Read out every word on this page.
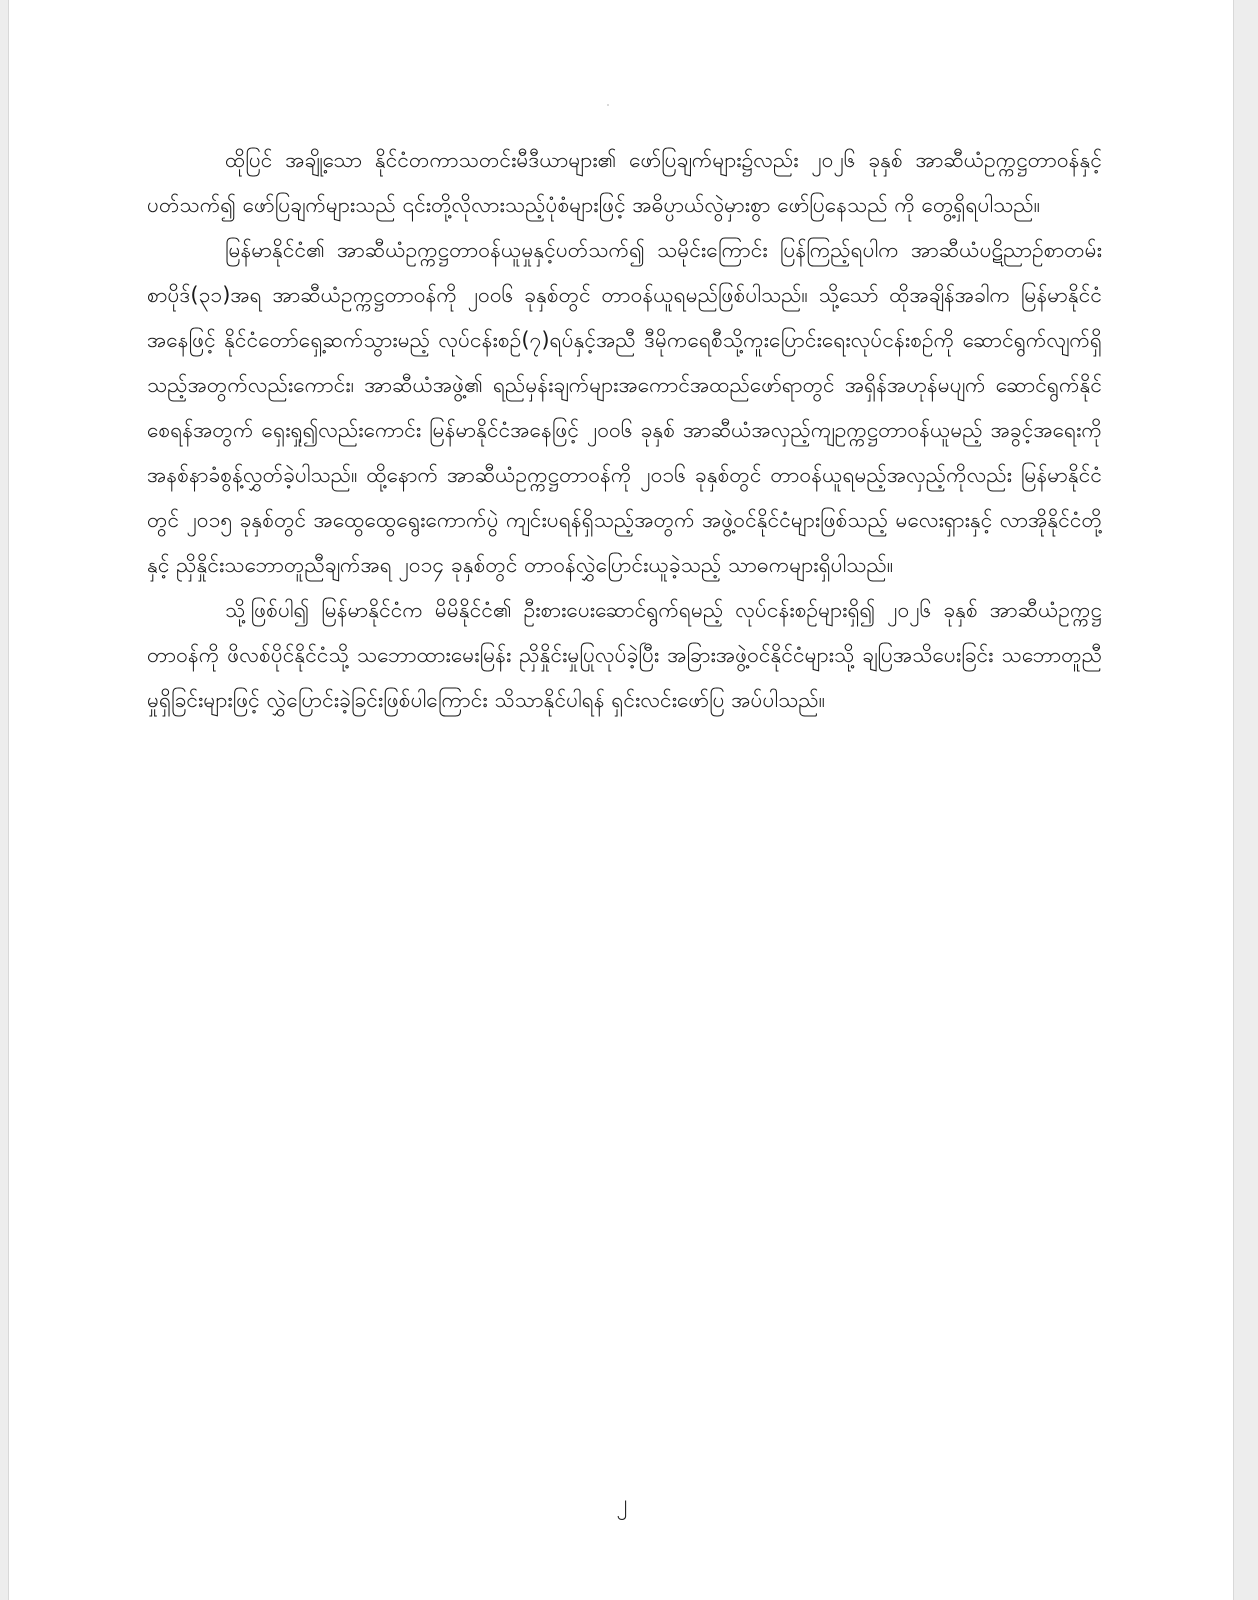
ထိုပြင် အချို့သော နိုင်ငံတကာသတင်းမီဒီယာများ၏ ဖော်ပြချက်များ၌လည်း ၂၀၂၆ ခုနှစ် အာဆီယံဥက္ကဋ္ဌတာဝန်နှင့်ပတ်သက်၍ ဖော်ပြချက်များသည် ၎င်းတို့လိုလားသည့်ပုံစံများဖြင့် အဓိပ္ပာယ်လွဲမှားစွာ ဖော်ပြနေသည် ကို တွေ့ရှိရပါသည်။

မြန်မာနိုင်ငံ၏ အာဆီယံဥက္ကဋ္ဌတာဝန်ယူမှုနှင့်ပတ်သက်၍ သမိုင်းကြောင်း ပြန်ကြည့်ရပါက အာဆီယံပဋိညာဉ်စာတမ်း စာပိုဒ်(၃၁)အရ အာဆီယံဥက္ကဋ္ဌတာဝန်ကို ၂၀၀၆ ခုနှစ်တွင် တာဝန်ယူရမည်ဖြစ်ပါသည်။ သို့သော် ထိုအချိန်အခါက မြန်မာနိုင်ငံအနေဖြင့် နိုင်ငံတော်ရှေ့ဆက်သွားမည့် လုပ်ငန်းစဉ်(၇)ရပ်နှင့်အညီ ဒီမိုကရေစီသို့ကူးပြောင်းရေးလုပ်ငန်းစဉ်ကို ဆောင်ရွက်လျက်ရှိသည့်အတွက်လည်းကောင်း၊ အာဆီယံအဖွဲ့၏ ရည်မှန်းချက်များအကောင်အထည်ဖော်ရာတွင် အရှိန်အဟုန်မပျက် ဆောင်ရွက်နိုင်စေရန်အတွက် ရှေးရှု၍လည်းကောင်း မြန်မာနိုင်ငံအနေဖြင့် ၂၀၀၆ ခုနှစ် အာဆီယံအလှည့်ကျဥက္ကဋ္ဌတာဝန်ယူမည့် အခွင့်အရေးကို အနစ်နာခံစွန့်လွှတ်ခဲ့ပါသည်။ ထို့နောက် အာဆီယံဥက္ကဋ္ဌတာဝန်ကို ၂၀၁၆ ခုနှစ်တွင် တာဝန်ယူရမည့်အလှည့်ကိုလည်း မြန်မာနိုင်ငံတွင် ၂၀၁၅ ခုနှစ်တွင် အထွေထွေရွေးကောက်ပွဲ ကျင်းပရန်ရှိသည့်အတွက် အဖွဲ့ဝင်နိုင်ငံများဖြစ်သည့် မလေးရှားနှင့် လာအိုနိုင်ငံတို့နှင့် ညှိနှိုင်းသဘောတူညီချက်အရ ၂၀၁၄ ခုနှစ်တွင် တာဝန်လွှဲပြောင်းယူခဲ့သည့် သာဓကများရှိပါသည်။

သို့ဖြစ်ပါ၍ မြန်မာနိုင်ငံက မိမိနိုင်ငံ၏ ဦးစားပေးဆောင်ရွက်ရမည့် လုပ်ငန်းစဉ်များရှိ၍ ၂၀၂၆ ခုနှစ် အာဆီယံဥက္ကဋ္ဌတာဝန်ကို ဖိလစ်ပိုင်နိုင်ငံသို့ သဘောထားမေးမြန်း ညှိနှိုင်းမှုပြုလုပ်ခဲ့ပြီး အခြားအဖွဲ့ဝင်နိုင်ငံများသို့ ချပြအသိပေးခြင်း သဘောတူညီမှုရှိခြင်းများဖြင့် လွှဲပြောင်းခဲ့ခြင်းဖြစ်ပါကြောင်း သိသာနိုင်ပါရန် ရှင်းလင်းဖော်ပြ အပ်ပါသည်။

၂
